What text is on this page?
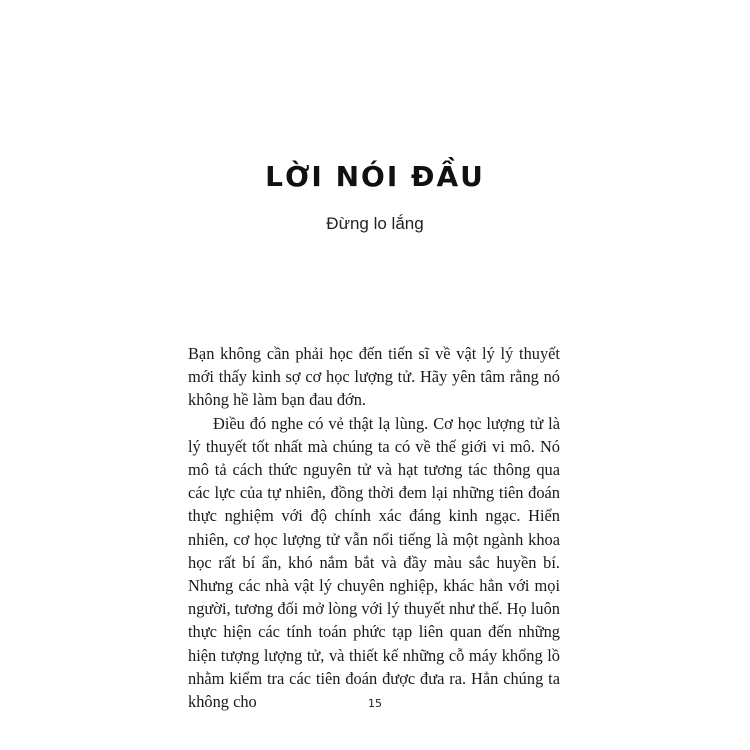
LỜI NÓI ĐẦU
Đừng lo lắng

Bạn không cần phải học đến tiến sĩ về vật lý lý thuyết mới thấy kinh sợ cơ học lượng tử. Hãy yên tâm rằng nó không hề làm bạn đau đớn.

Điều đó nghe có vẻ thật lạ lùng. Cơ học lượng tử là lý thuyết tốt nhất mà chúng ta có về thế giới vi mô. Nó mô tả cách thức nguyên tử và hạt tương tác thông qua các lực của tự nhiên, đồng thời đem lại những tiên đoán thực nghiệm với độ chính xác đáng kinh ngạc. Hiển nhiên, cơ học lượng tử vẫn nổi tiếng là một ngành khoa học rất bí ẩn, khó nắm bắt và đầy màu sắc huyền bí. Nhưng các nhà vật lý chuyên nghiệp, khác hẳn với mọi người, tương đối mở lòng với lý thuyết như thế. Họ luôn thực hiện các tính toán phức tạp liên quan đến những hiện tượng lượng tử, và thiết kế những cỗ máy khổng lồ nhằm kiểm tra các tiên đoán được đưa ra. Hẳn chúng ta không cho	15
